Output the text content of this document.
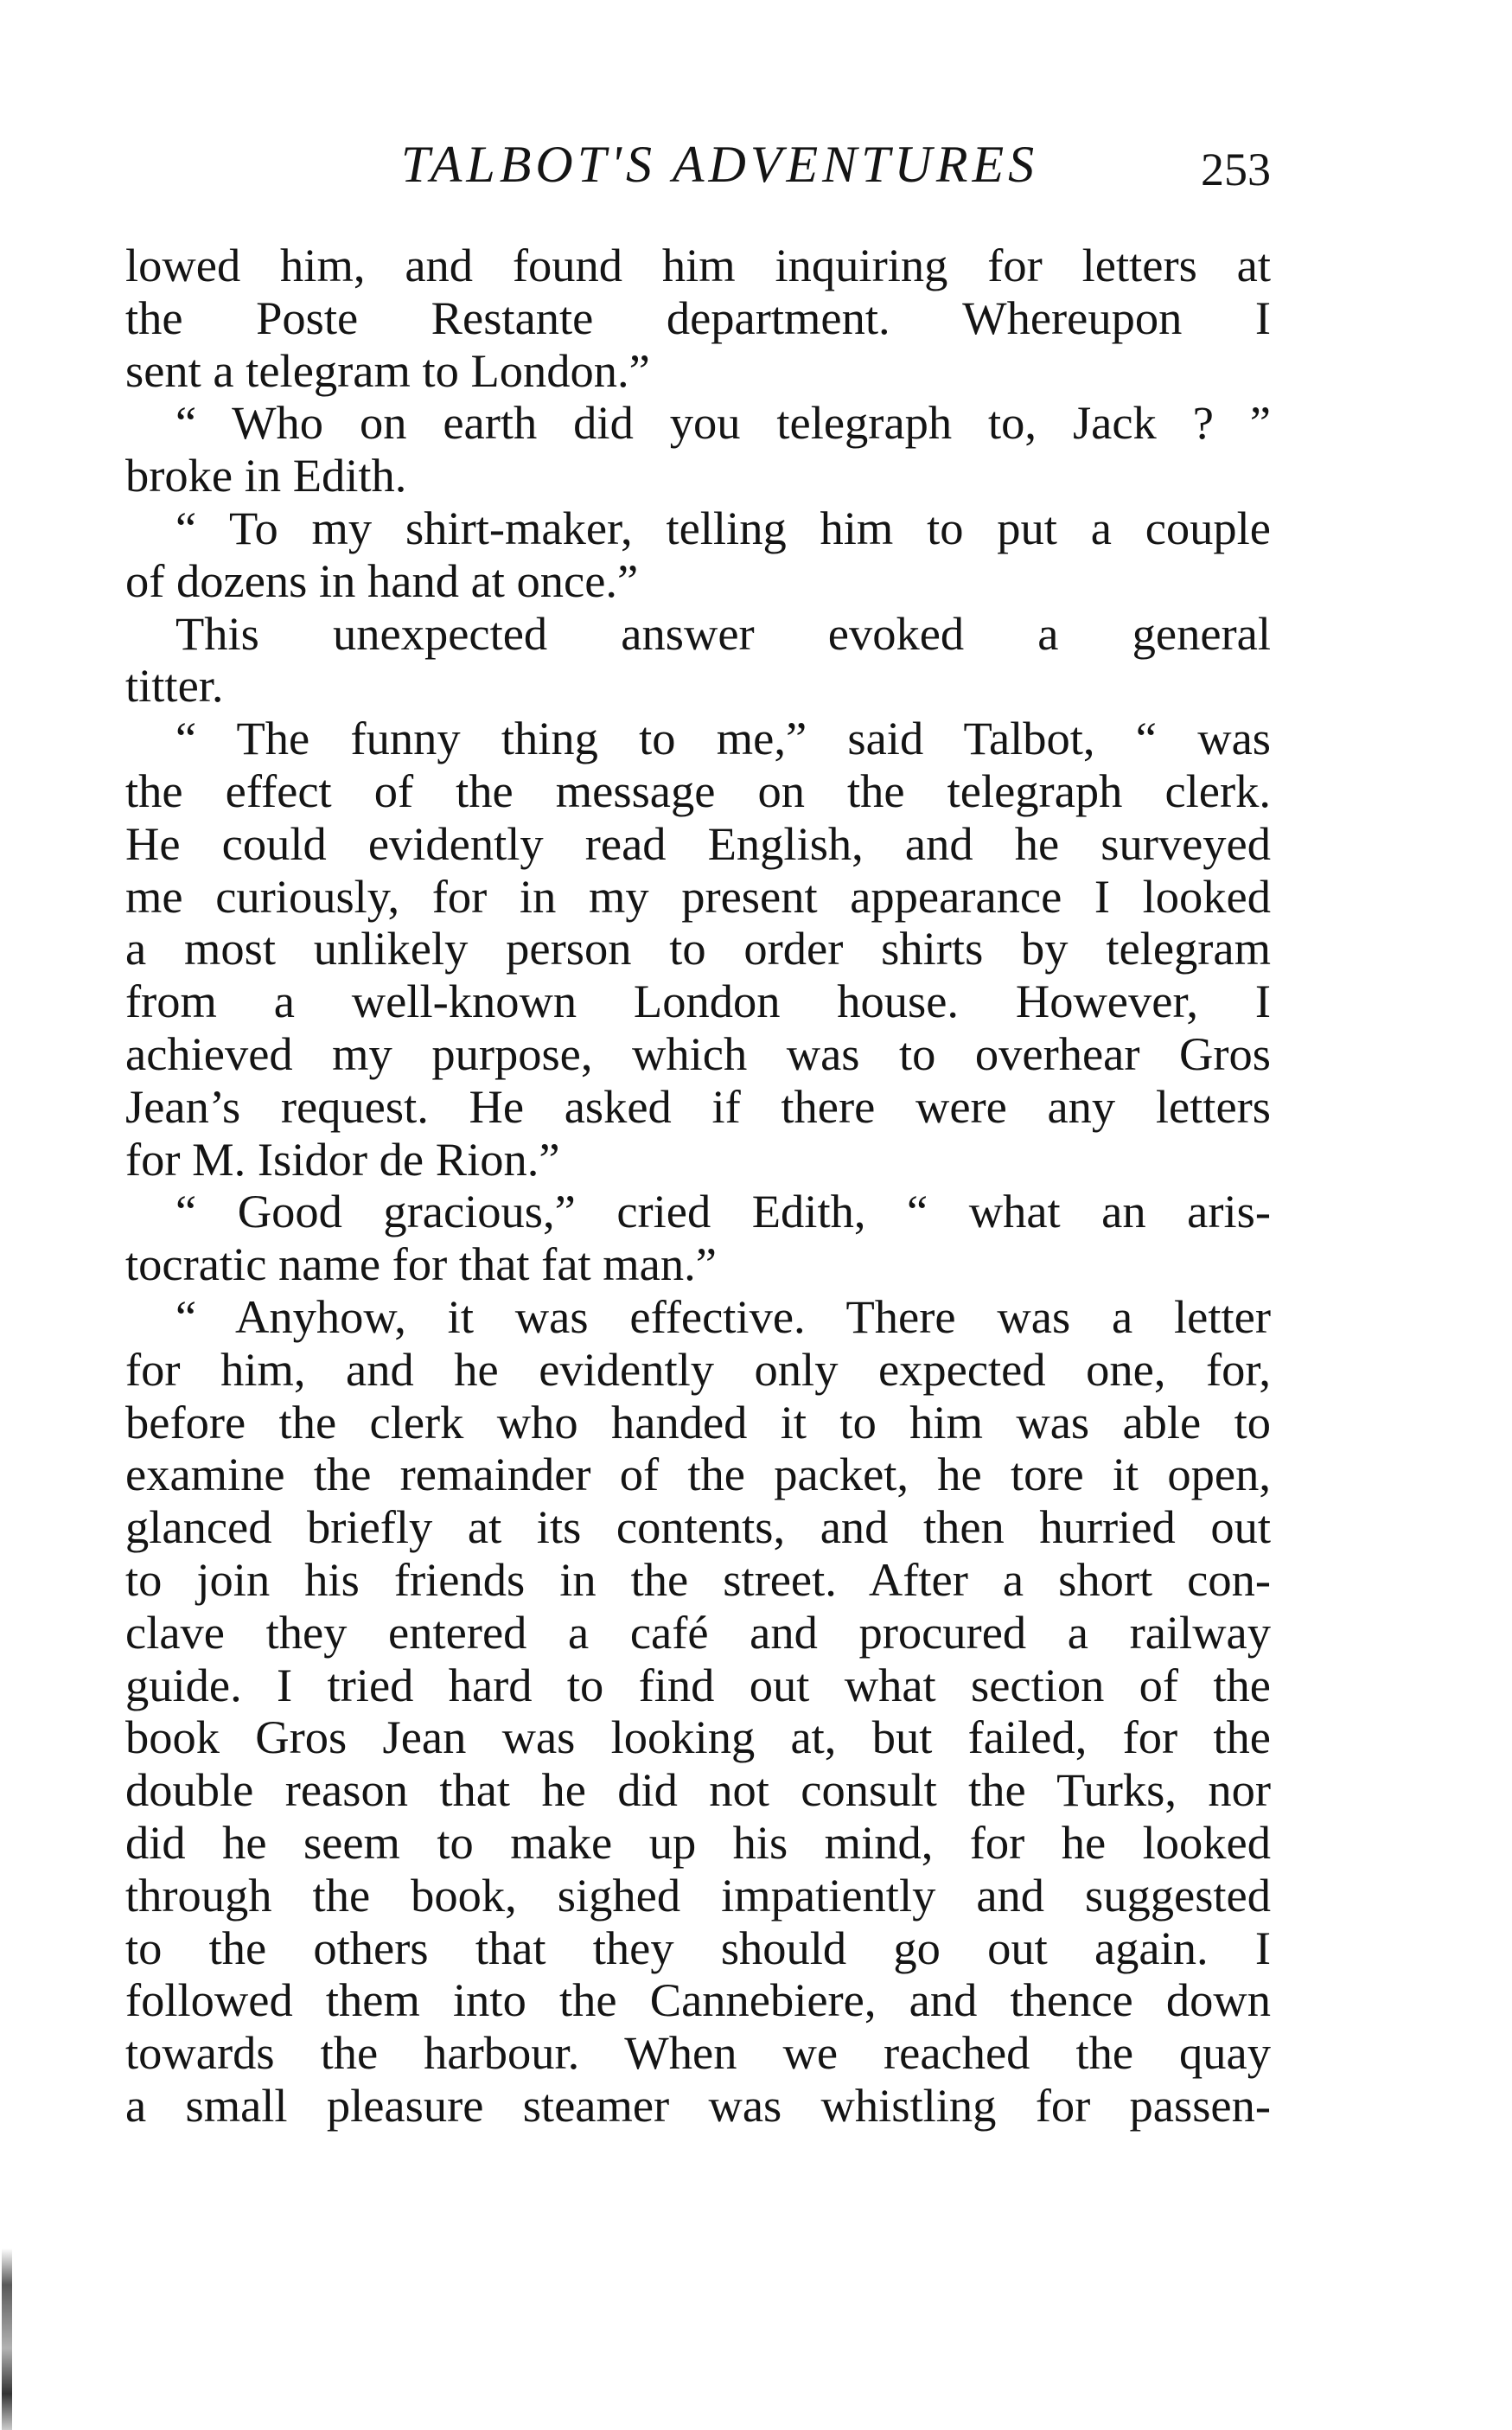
TALBOT'S ADVENTURES	253
lowed him, and found him inquiring for letters at
the Poste Restante department. Whereupon I
sent a telegram to London.”
“ Who on earth did you telegraph to, Jack ? ”
broke in Edith.
“ To my shirt-maker, telling him to put a couple
of dozens in hand at once.”
This unexpected answer evoked a general
titter.
“ The funny thing to me,” said Talbot, “ was
the effect of the message on the telegraph clerk.
He could evidently read English, and he surveyed
me curiously, for in my present appearance I looked
a most unlikely person to order shirts by telegram
from a well-known London house. However, I
achieved my purpose, which was to overhear Gros
Jean’s request. He asked if there were any letters
for M. Isidor de Rion.”
“ Good gracious,” cried Edith, “ what an aris-
tocratic name for that fat man.”
“ Anyhow, it was effective. There was a letter
for him, and he evidently only expected one, for,
before the clerk who handed it to him was able to
examine the remainder of the packet, he tore it open,
glanced briefly at its contents, and then hurried out
to join his friends in the street. After a short con-
clave they entered a café and procured a railway
guide. I tried hard to find out what section of the
book Gros Jean was looking at, but failed, for the
double reason that he did not consult the Turks, nor
did he seem to make up his mind, for he looked
through the book, sighed impatiently and suggested
to the others that they should go out again. I
followed them into the Cannebiere, and thence down
towards the harbour. When we reached the quay
a small pleasure steamer was whistling for passen-
